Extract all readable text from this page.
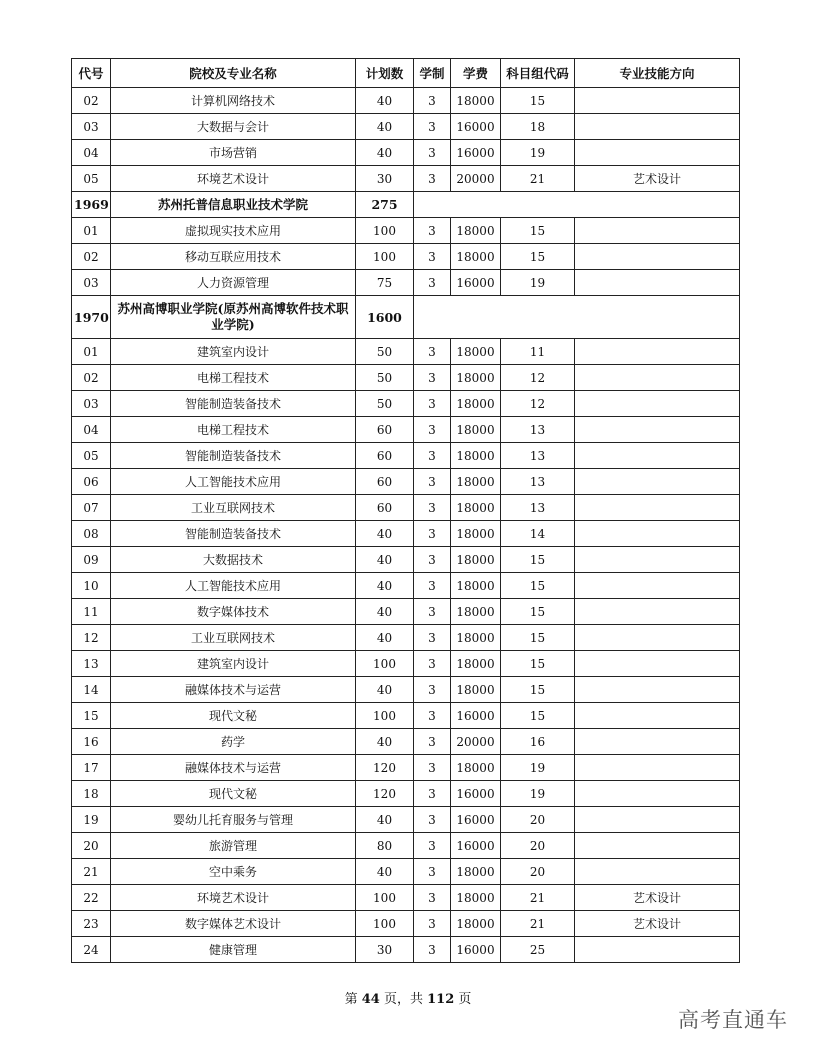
代号	院校及专业名称	计划数	学制	学费	科目组代码	专业技能方向
02	计算机网络技术	40	3	18000	15	
03	大数据与会计	40	3	16000	18	
04	市场营销	40	3	16000	19	
05	环境艺术设计	30	3	20000	21	艺术设计
1969	苏州托普信息职业技术学院	275				
01	虚拟现实技术应用	100	3	18000	15	
02	移动互联应用技术	100	3	18000	15	
03	人力资源管理	75	3	16000	19	
1970	苏州高博职业学院(原苏州高博软件技术职业学院)	1600				
01	建筑室内设计	50	3	18000	11	
02	电梯工程技术	50	3	18000	12	
03	智能制造装备技术	50	3	18000	12	
04	电梯工程技术	60	3	18000	13	
05	智能制造装备技术	60	3	18000	13	
06	人工智能技术应用	60	3	18000	13	
07	工业互联网技术	60	3	18000	13	
08	智能制造装备技术	40	3	18000	14	
09	大数据技术	40	3	18000	15	
10	人工智能技术应用	40	3	18000	15	
11	数字媒体技术	40	3	18000	15	
12	工业互联网技术	40	3	18000	15	
13	建筑室内设计	100	3	18000	15	
14	融媒体技术与运营	40	3	18000	15	
15	现代文秘	100	3	16000	15	
16	药学	40	3	20000	16	
17	融媒体技术与运营	120	3	18000	19	
18	现代文秘	120	3	16000	19	
19	婴幼儿托育服务与管理	40	3	16000	20	
20	旅游管理	80	3	16000	20	
21	空中乘务	40	3	18000	20	
22	环境艺术设计	100	3	18000	21	艺术设计
23	数字媒体艺术设计	100	3	18000	21	艺术设计
24	健康管理	30	3	16000	25	
第 44 页，共 112 页
高考直通车
